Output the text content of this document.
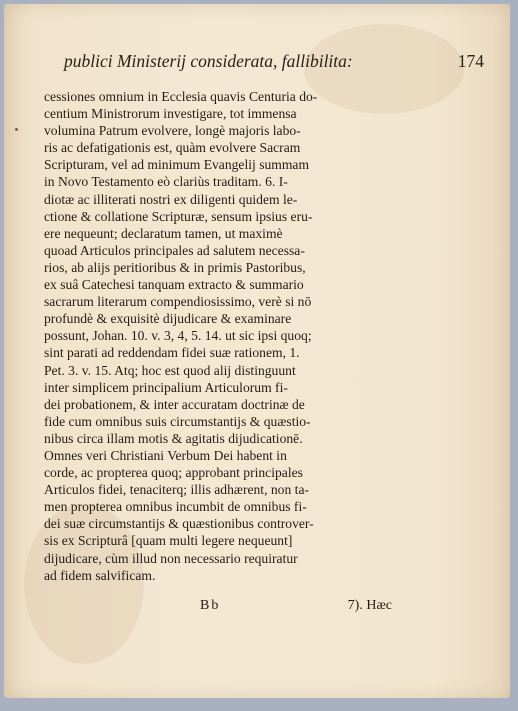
publici Ministerij considerata, fallibilita:	174
cessiones omnium in Ecclesia quavis Centuria do-
centium Ministrorum investigare, tot immensa
volumina Patrum evolvere, longè majoris labo-
ris ac defatigationis est, quàm evolvere Sacram
Scripturam, vel ad minimum Evangelij summam
in Novo Testamento eò clariùs traditam. 6. I-
diotæ ac illiterati nostri ex diligenti quidem le-
ctione & collatione Scripturæ, sensum ipsius eru-
ere nequeunt; declaratum tamen, ut maximè
quoad Articulos principales ad salutem necessa-
rios, ab alijs peritioribus & in primis Pastoribus,
ex suâ Catechesi tanquam extracto & summario
sacrarum literarum compendiosissimo, verè si nō
profundè & exquisitè dijudicare & examinare
possunt, Johan. 10. v. 3, 4, 5. 14. ut sic ipsi quoq;
sint parati ad reddendam fidei suæ rationem, 1.
Pet. 3. v. 15. Atq; hoc est quod alij distinguunt
inter simplicem principalium Articulorum fi-
dei probationem, & inter accuratam doctrinæ de
fide cum omnibus suis circumstantijs & quæstio-
nibus circa illam motis & agitatis dijudicationē.
Omnes veri Christiani Verbum Dei habent in
corde, ac propterea quoq; approbant principales
Articulos fidei, tenaciterq; illis adhærent, non ta-
men propterea omnibus incumbit de omnibus fi-
dei suæ circumstantijs & quæstionibus controver-
sis ex Scripturâ [quam multi legere nequeunt]
dijudicare, cùm illud non necessario requiratur
ad fidem salvificam.
Bb	7). Hæc
